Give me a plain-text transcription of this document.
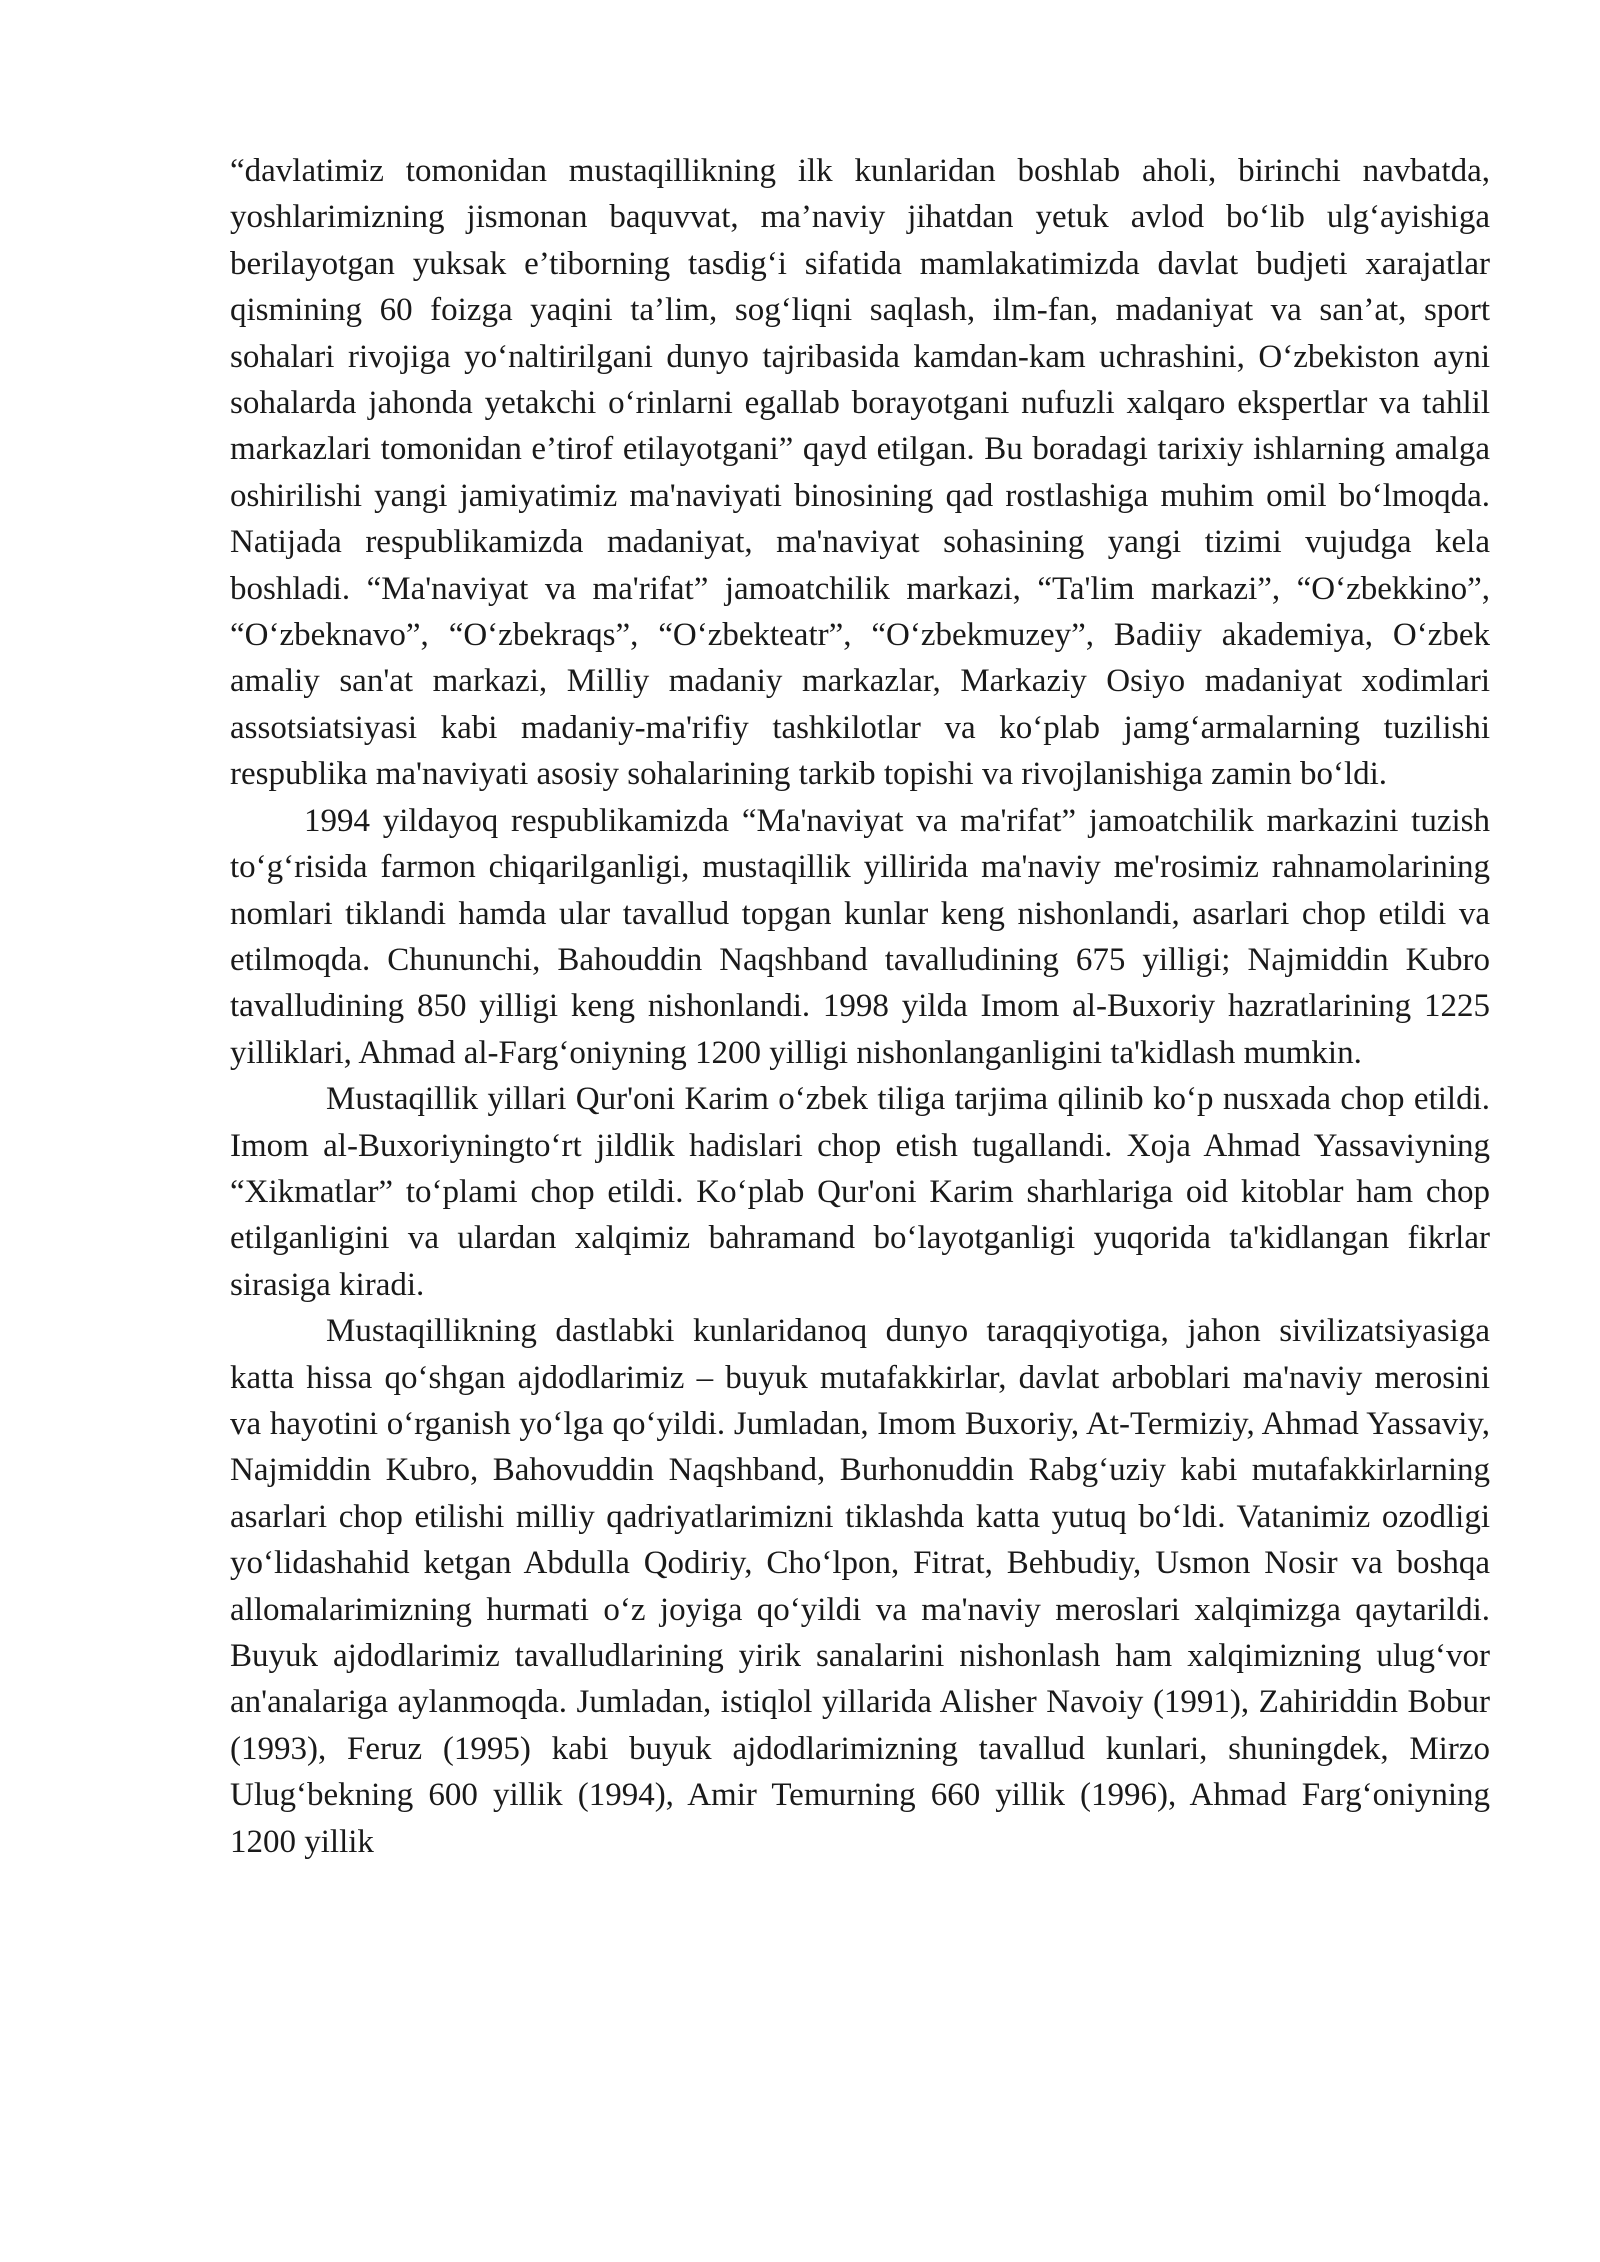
“davlatimiz tomonidan mustaqillikning ilk kunlaridan boshlab aholi, birinchi navbatda, yoshlarimizning jismonan baquvvat, ma’naviy jihatdan yetuk avlod bo‘lib ulg‘ayishiga berilayotgan yuksak e’tiborning tasdig‘i sifatida mamlakatimizda davlat budjeti xarajatlar qismining 60 foizga yaqini ta’lim, sog‘liqni saqlash, ilm-fan, madaniyat va san’at, sport sohalari rivojiga yo‘naltirilgani dunyo tajribasida kamdan-kam uchrashini, O‘zbekiston ayni sohalarda jahonda yetakchi o‘rinlarni egallab borayotgani nufuzli xalqaro ekspertlar va tahlil markazlari tomonidan e’tirof etilayotgani” qayd etilgan. Bu boradagi tarixiy ishlarning amalga oshirilishi yangi jamiyatimiz ma'naviyati binosining qad rostlashiga muhim omil bo‘lmoqda. Natijada respublikamizda madaniyat, ma'naviyat sohasining yangi tizimi vujudga kela boshladi. “Ma'naviyat va ma'rifat” jamoatchilik markazi, “Ta'lim markazi”, “O‘zbekkino”, “O‘zbeknavo”, “O‘zbekraqs”, “O‘zbekteatr”, “O‘zbekmuzey”, Badiiy akademiya, O‘zbek amaliy san'at markazi, Milliy madaniy markazlar, Markaziy Osiyo madaniyat xodimlari assotsiatsiyasi kabi madaniy-ma'rifiy tashkilotlar va ko‘plab jamg‘armalarning tuzilishi respublika ma'naviyati asosiy sohalarining tarkib topishi va rivojlanishiga zamin bo‘ldi.

1994 yildayoq respublikamizda “Ma'naviyat va ma'rifat” jamoatchilik markazini tuzish to‘g‘risida farmon chiqarilganligi, mustaqillik yillirida ma'naviy me'rosimiz rahnamolarining nomlari tiklandi hamda ular tavallud topgan kunlar keng nishonlandi, asarlari chop etildi va etilmoqda. Chununchi, Bahouddin Naqshband tavalludining 675 yilligi; Najmiddin Kubro tavalludining 850 yilligi keng nishonlandi. 1998 yilda Imom al-Buxoriy hazratlarining 1225 yilliklari, Ahmad al-Farg‘oniyning 1200 yilligi nishonlanganligini ta'kidlash mumkin.

Mustaqillik yillari Qur'oni Karim o‘zbek tiliga tarjima qilinib ko‘p nusxada chop etildi. Imom al-Buxoriyningto‘rt jildlik hadislari chop etish tugallandi. Xoja Ahmad Yassaviyning “Xikmatlar” to‘plami chop etildi. Ko‘plab Qur'oni Karim sharhlariga oid kitoblar ham chop etilganligini va ulardan xalqimiz bahramand bo‘layotganligi yuqorida ta'kidlangan fikrlar sirasiga kiradi.

Mustaqillikning dastlabki kunlaridanoq dunyo taraqqiyotiga, jahon sivilizatsiyasiga katta hissa qo‘shgan ajdodlarimiz – buyuk mutafakkirlar, davlat arboblari ma'naviy merosini va hayotini o‘rganish yo‘lga qo‘yildi. Jumladan, Imom Buxoriy, At-Termiziy, Ahmad Yassaviy, Najmiddin Kubro, Bahovuddin Naqshband, Burhonuddin Rabg‘uziy kabi mutafakkirlarning asarlari chop etilishi milliy qadriyatlarimizni tiklashda katta yutuq bo‘ldi. Vatanimiz ozodligi yo‘lidashahid ketgan Abdulla Qodiriy, Cho‘lpon, Fitrat, Behbudiy, Usmon Nosir va boshqa allomalarimizning hurmati o‘z joyiga qo‘yildi va ma'naviy meroslari xalqimizga qaytarildi. Buyuk ajdodlarimiz tavalludlarining yirik sanalarini nishonlash ham xalqimizning ulug‘vor an'analariga aylanmoqda. Jumladan, istiqlol yillarida Alisher Navoiy (1991), Zahiriddin Bobur (1993), Feruz (1995) kabi buyuk ajdodlarimizning tavallud kunlari, shuningdek, Mirzo Ulug‘bekning 600 yillik (1994), Amir Temurning 660 yillik (1996), Ahmad Farg‘oniyning 1200 yillik
